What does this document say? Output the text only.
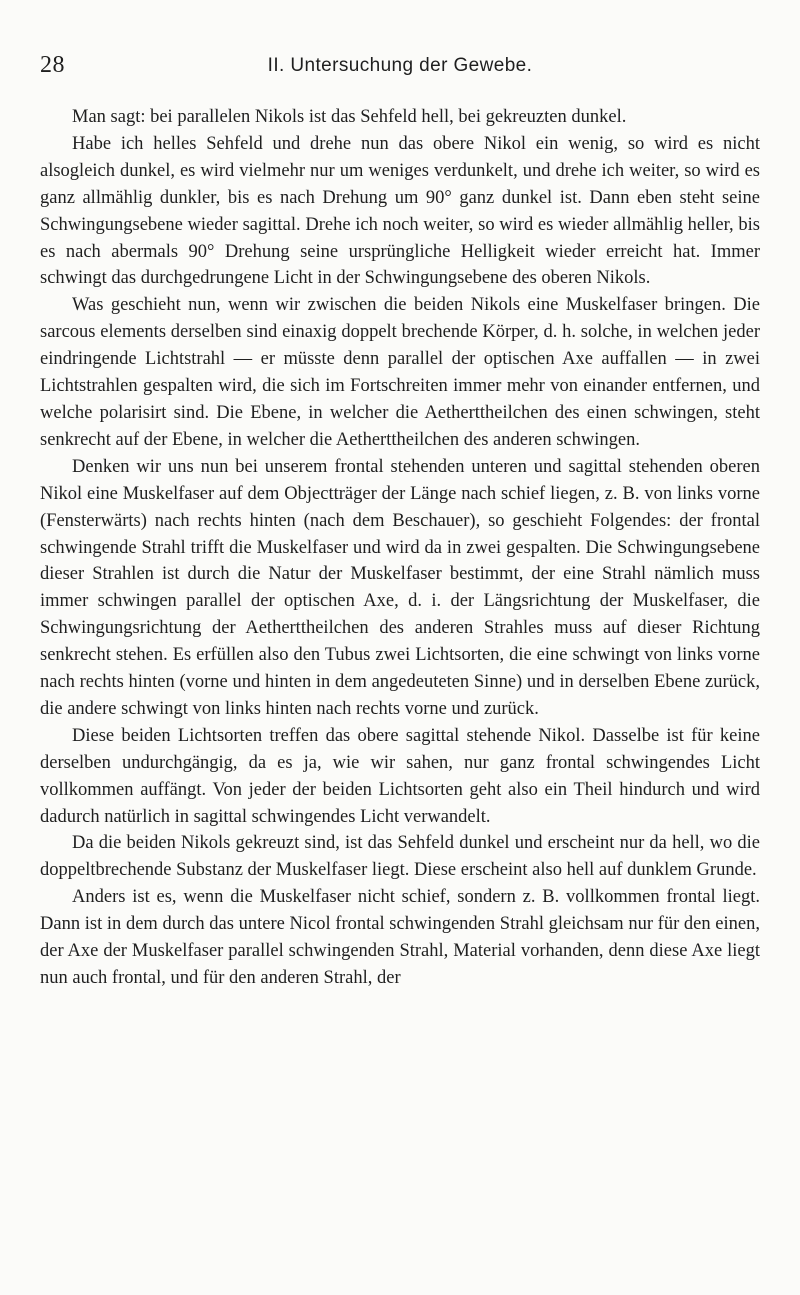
28	II. Untersuchung der Gewebe.

Man sagt: bei parallelen Nikols ist das Sehfeld hell, bei gekreuzten dunkel.

Habe ich helles Sehfeld und drehe nun das obere Nikol ein wenig, so wird es nicht alsogleich dunkel, es wird vielmehr nur um weniges verdunkelt, und drehe ich weiter, so wird es ganz allmählig dunkler, bis es nach Drehung um 90° ganz dunkel ist. Dann eben steht seine Schwingungsebene wieder sagittal. Drehe ich noch weiter, so wird es wieder allmählig heller, bis es nach abermals 90° Drehung seine ursprüngliche Helligkeit wieder erreicht hat. Immer schwingt das durchgedrungene Licht in der Schwingungsebene des oberen Nikols.

Was geschieht nun, wenn wir zwischen die beiden Nikols eine Muskelfaser bringen. Die sarcous elements derselben sind einaxig doppelt brechende Körper, d. h. solche, in welchen jeder eindringende Lichtstrahl — er müsste denn parallel der optischen Axe auffallen — in zwei Lichtstrahlen gespalten wird, die sich im Fortschreiten immer mehr von einander entfernen, und welche polarisirt sind. Die Ebene, in welcher die Aetherttheilchen des einen schwingen, steht senkrecht auf der Ebene, in welcher die Aetherttheilchen des anderen schwingen.

Denken wir uns nun bei unserem frontal stehenden unteren und sagittal stehenden oberen Nikol eine Muskelfaser auf dem Objectträger der Länge nach schief liegen, z. B. von links vorne (Fensterwärts) nach rechts hinten (nach dem Beschauer), so geschieht Folgendes: der frontal schwingende Strahl trifft die Muskelfaser und wird da in zwei gespalten. Die Schwingungsebene dieser Strahlen ist durch die Natur der Muskelfaser bestimmt, der eine Strahl nämlich muss immer schwingen parallel der optischen Axe, d. i. der Längsrichtung der Muskelfaser, die Schwingungsrichtung der Aetherttheilchen des anderen Strahles muss auf dieser Richtung senkrecht stehen. Es erfüllen also den Tubus zwei Lichtsorten, die eine schwingt von links vorne nach rechts hinten (vorne und hinten in dem angedeuteten Sinne) und in derselben Ebene zurück, die andere schwingt von links hinten nach rechts vorne und zurück.

Diese beiden Lichtsorten treffen das obere sagittal stehende Nikol. Dasselbe ist für keine derselben undurchgängig, da es ja, wie wir sahen, nur ganz frontal schwingendes Licht vollkommen auffängt. Von jeder der beiden Lichtsorten geht also ein Theil hindurch und wird dadurch natürlich in sagittal schwingendes Licht verwandelt.

Da die beiden Nikols gekreuzt sind, ist das Sehfeld dunkel und erscheint nur da hell, wo die doppeltbrechende Substanz der Muskelfaser liegt. Diese erscheint also hell auf dunklem Grunde.

Anders ist es, wenn die Muskelfaser nicht schief, sondern z. B. vollkommen frontal liegt. Dann ist in dem durch das untere Nicol frontal schwingenden Strahl gleichsam nur für den einen, der Axe der Muskelfaser parallel schwingenden Strahl, Material vorhanden, denn diese Axe liegt nun auch frontal, und für den anderen Strahl, der
